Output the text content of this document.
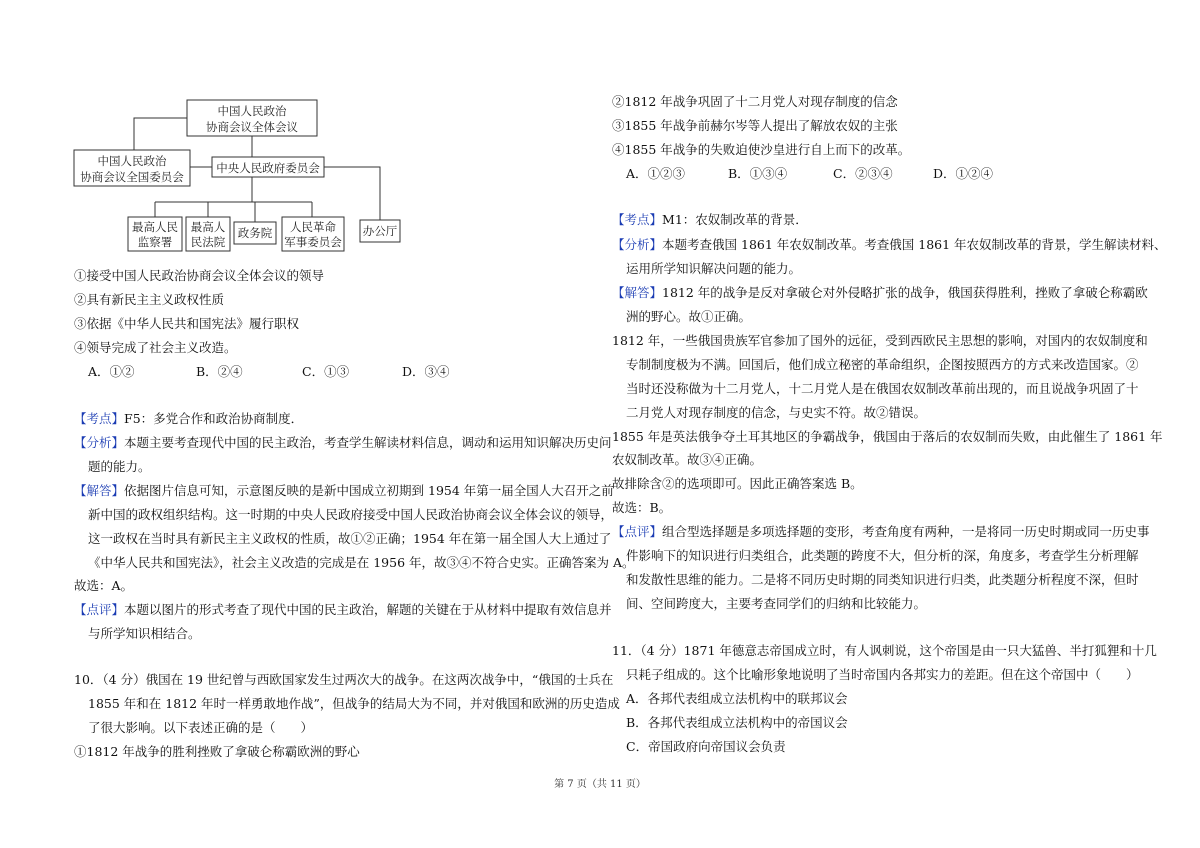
中国人民政治
协商会议全体会议
中国人民政治
协商会议全国委员会
中央人民政府委员会
最高人民
监察署
最高人
民法院
政务院 人民革命
军事委员会
办公厅
①接受中国人民政治协商会议全体会议的领导
②具有新民主主义政权性质
③依据《中华人民共和国宪法》履行职权
④领导完成了社会主义改造。
A．①②	B．②④	C．①③	D．③④
【考点】F5：多党合作和政治协商制度．
【分析】本题主要考查现代中国的民主政治，考查学生解读材料信息，调动和运用知识解决历史问
题的能力。
【解答】依据图片信息可知，示意图反映的是新中国成立初期到 1954 年第一届全国人大召开之前
新中国的政权组织结构。这一时期的中央人民政府接受中国人民政治协商会议全体会议的领导，
这一政权在当时具有新民主主义政权的性质，故①②正确；1954 年在第一届全国人大上通过了
《中华人民共和国宪法》，社会主义改造的完成是在 1956 年，故③④不符合史实。正确答案为 A。
故选：A。
【点评】本题以图片的形式考查了现代中国的民主政治，解题的关键在于从材料中提取有效信息并
与所学知识相结合。
10．（4 分）俄国在 19 世纪曾与西欧国家发生过两次大的战争。在这两次战争中，“俄国的士兵在
1855 年和在 1812 年时一样勇敢地作战”，但战争的结局大为不同，并对俄国和欧洲的历史造成
了很大影响。以下表述正确的是（　　）
①1812 年战争的胜利挫败了拿破仑称霸欧洲的野心
②1812 年战争巩固了十二月党人对现存制度的信念
③1855 年战争前赫尔岑等人提出了解放农奴的主张
④1855 年战争的失败迫使沙皇进行自上而下的改革。
A．①②③	B．①③④	C．②③④	D．①②④
【考点】M1：农奴制改革的背景．
【分析】本题考查俄国 1861 年农奴制改革。考查俄国 1861 年农奴制改革的背景，学生解读材料、
运用所学知识解决问题的能力。
【解答】1812 年的战争是反对拿破仑对外侵略扩张的战争，俄国获得胜利，挫败了拿破仑称霸欧
洲的野心。故①正确。
1812 年，一些俄国贵族军官参加了国外的远征，受到西欧民主思想的影响，对国内的农奴制度和
专制制度极为不满。回国后，他们成立秘密的革命组织，企图按照西方的方式来改造国家。②
当时还没称做为十二月党人，十二月党人是在俄国农奴制改革前出现的，而且说战争巩固了十
二月党人对现存制度的信念，与史实不符。故②错误。
1855 年是英法俄争夺土耳其地区的争霸战争，俄国由于落后的农奴制而失败，由此催生了 1861 年
农奴制改革。故③④正确。
故排除含②的选项即可。因此正确答案选 B。
故选：B。
【点评】组合型选择题是多项选择题的变形，考查角度有两种，一是将同一历史时期或同一历史事
件影响下的知识进行归类组合，此类题的跨度不大，但分析的深，角度多，考查学生分析理解
和发散性思维的能力。二是将不同历史时期的同类知识进行归类，此类题分析程度不深，但时
间、空间跨度大，主要考查同学们的归纳和比较能力。
11．（4 分）1871 年德意志帝国成立时，有人讽刺说，这个帝国是由一只大猛兽、半打狐狸和十几
只耗子组成的。这个比喻形象地说明了当时帝国内各邦实力的差距。但在这个帝国中（　　）
A．各邦代表组成立法机构中的联邦议会
B．各邦代表组成立法机构中的帝国议会
C．帝国政府向帝国议会负责
第 7 页（共 11 页）
